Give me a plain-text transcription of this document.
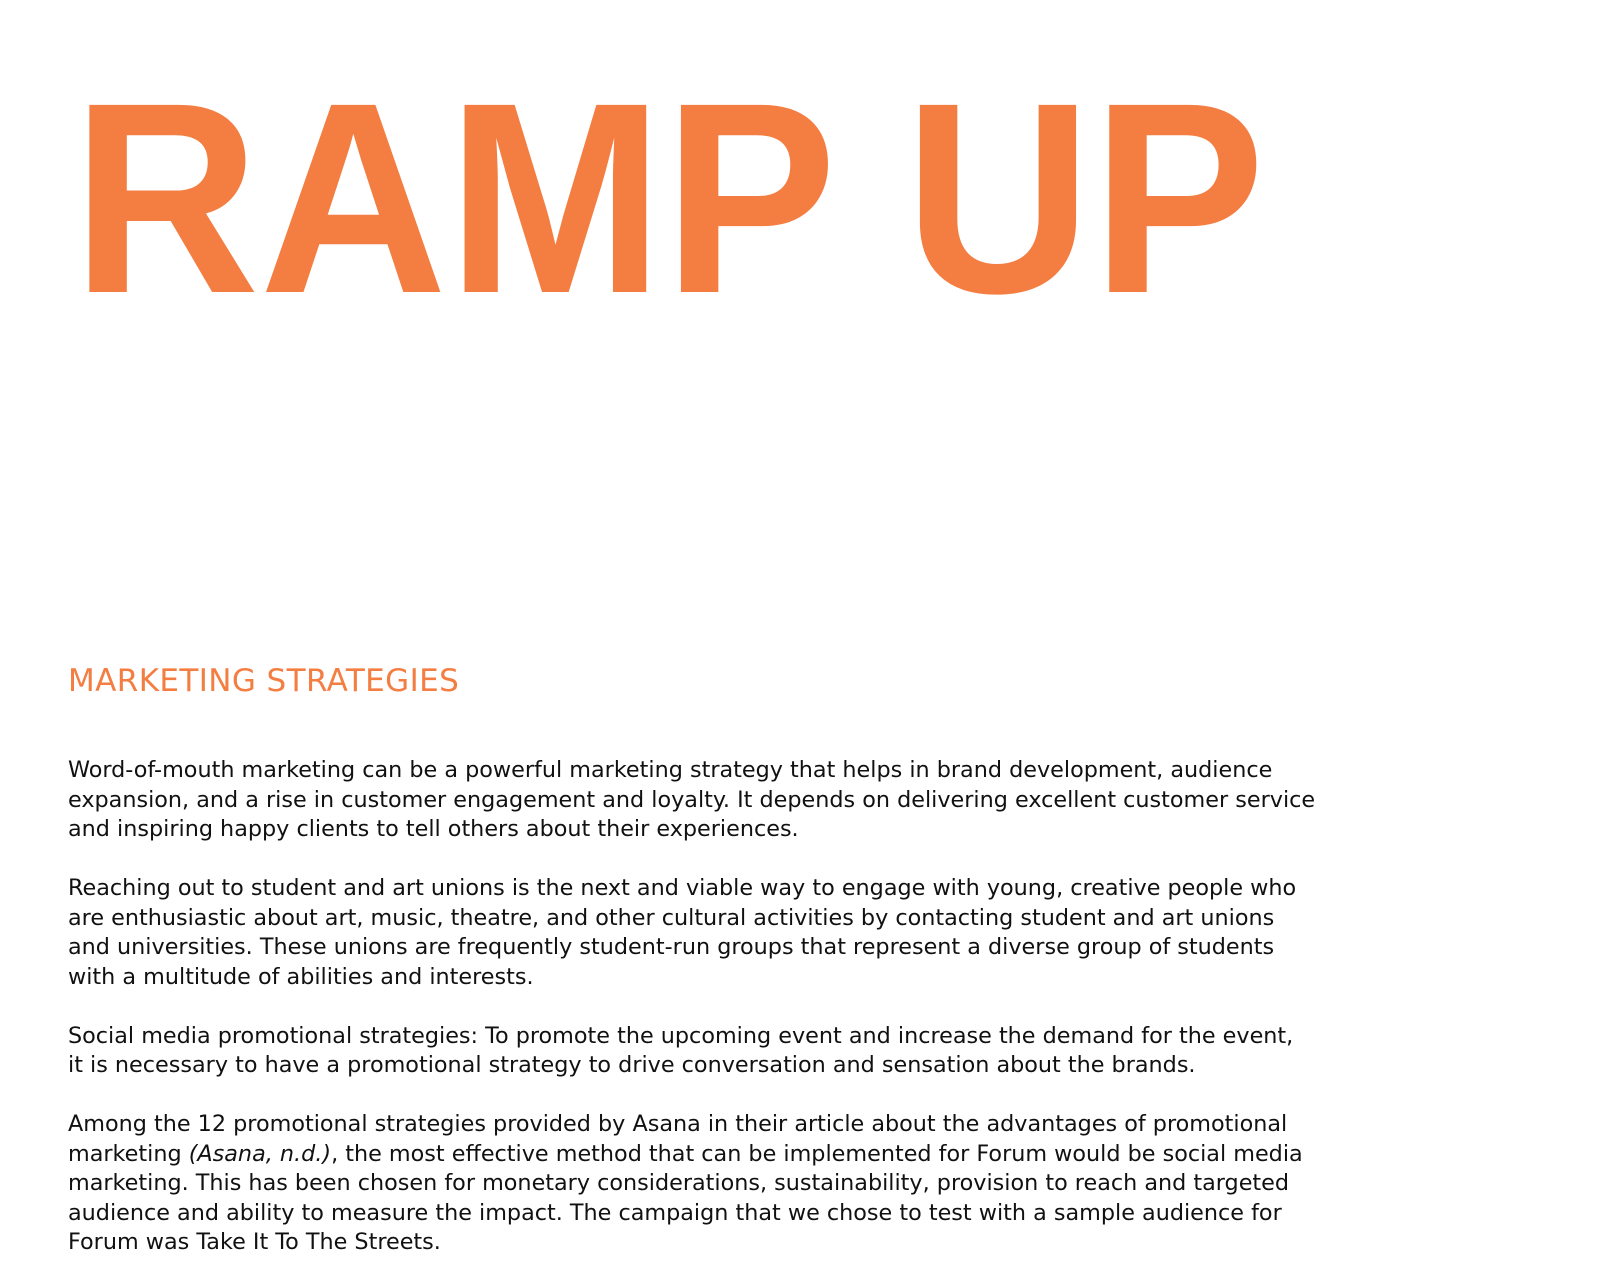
RAMP UP
MARKETING STRATEGIES

Word-of-mouth marketing can be a powerful marketing strategy that helps in brand development, audience
expansion, and a rise in customer engagement and loyalty. It depends on delivering excellent customer service
and inspiring happy clients to tell others about their experiences.

Reaching out to student and art unions is the next and viable way to engage with young, creative people who
are enthusiastic about art, music, theatre, and other cultural activities by contacting student and art unions
and universities. These unions are frequently student-run groups that represent a diverse group of students
with a multitude of abilities and interests.

Social media promotional strategies: To promote the upcoming event and increase the demand for the event,
it is necessary to have a promotional strategy to drive conversation and sensation about the brands.

Among the 12 promotional strategies provided by Asana in their article about the advantages of promotional
marketing (Asana, n.d.), the most effective method that can be implemented for Forum would be social media
marketing. This has been chosen for monetary considerations, sustainability, provision to reach and targeted
audience and ability to measure the impact. The campaign that we chose to test with a sample audience for
Forum was Take It To The Streets.
